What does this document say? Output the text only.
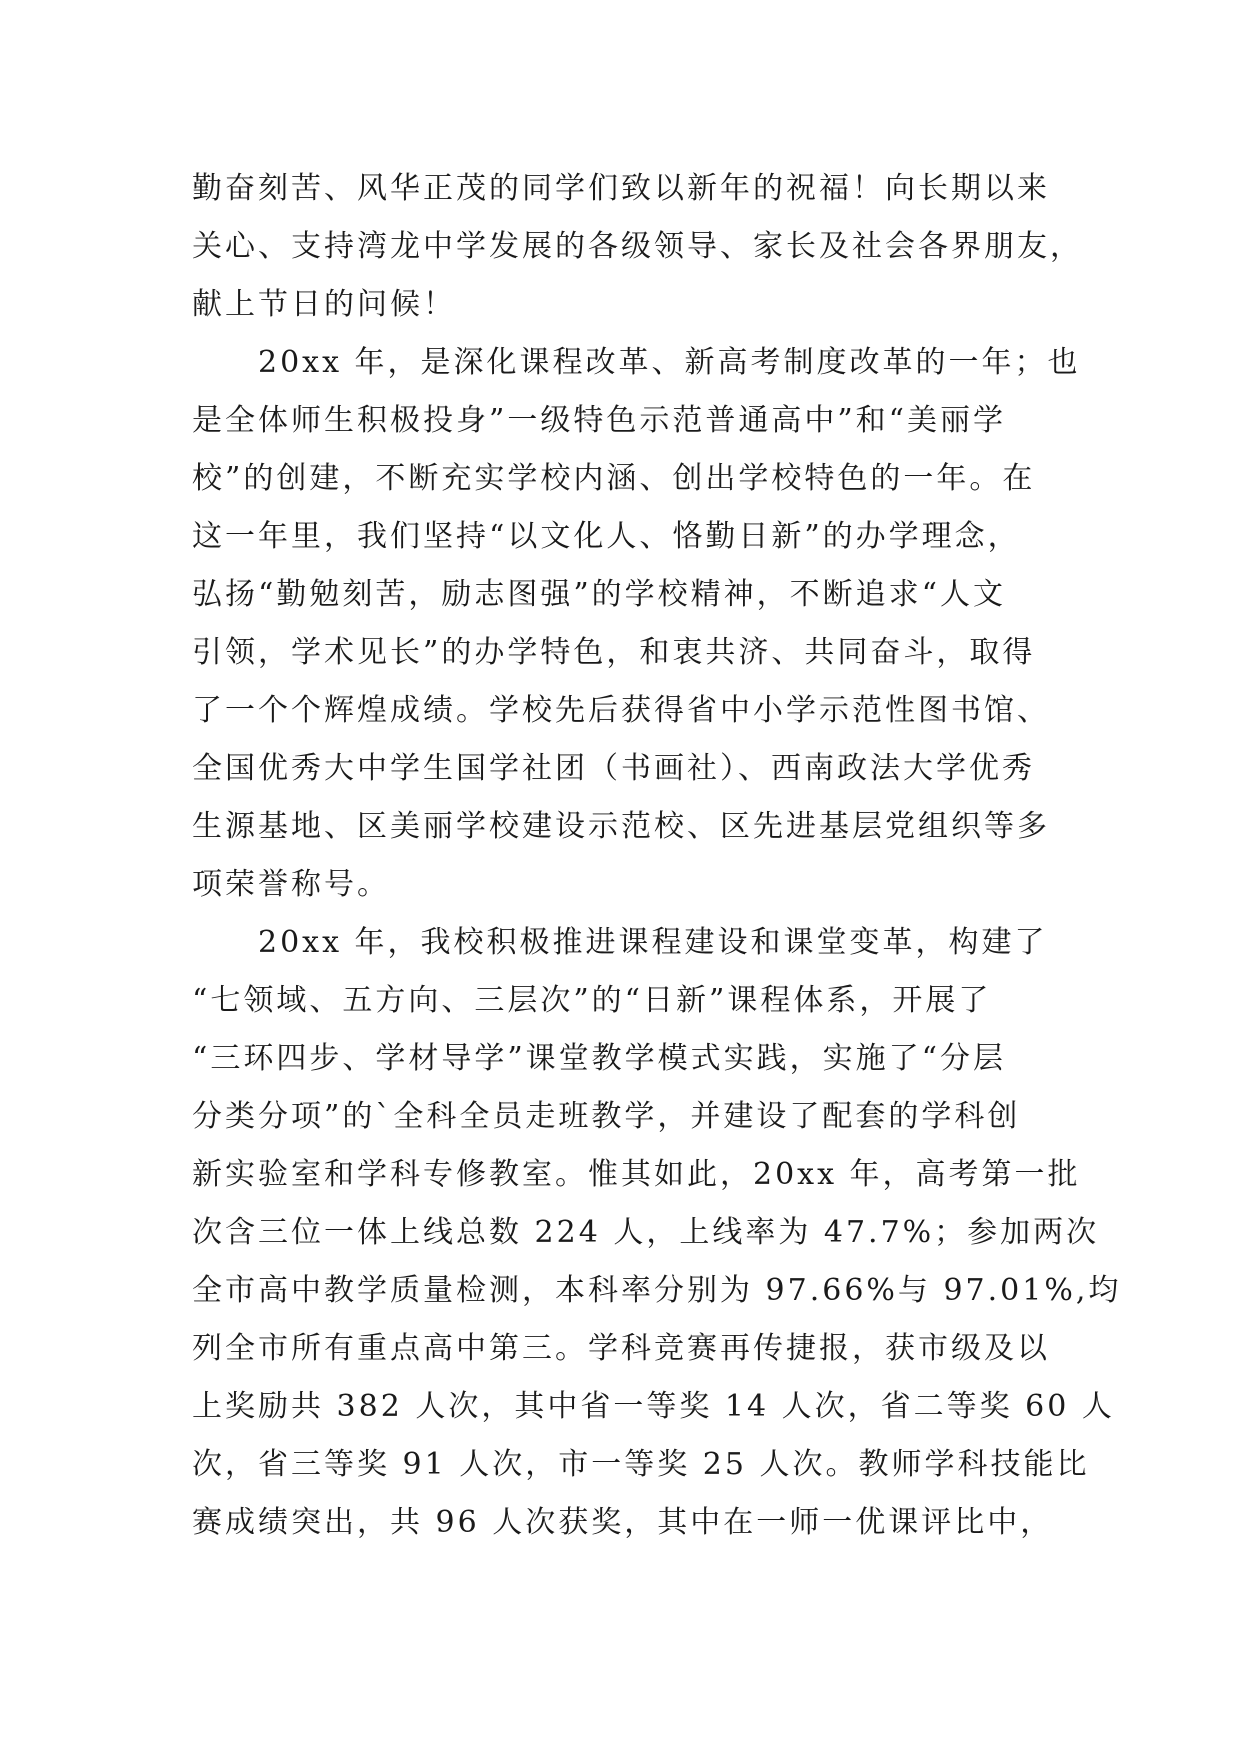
勤奋刻苦、风华正茂的同学们致以新年的祝福！向长期以来
关心、支持湾龙中学发展的各级领导、家长及社会各界朋友，
献上节日的问候！
　　20xx 年，是深化课程改革、新高考制度改革的一年；也
是全体师生积极投身”一级特色示范普通高中”和“美丽学
校”的创建，不断充实学校内涵、创出学校特色的一年。在
这一年里，我们坚持“以文化人、恪勤日新”的办学理念，
弘扬“勤勉刻苦，励志图强”的学校精神，不断追求“人文
引领，学术见长”的办学特色，和衷共济、共同奋斗，取得
了一个个辉煌成绩。学校先后获得省中小学示范性图书馆、
全国优秀大中学生国学社团（书画社）、西南政法大学优秀
生源基地、区美丽学校建设示范校、区先进基层党组织等多
项荣誉称号。
　　20xx 年，我校积极推进课程建设和课堂变革，构建了
“七领域、五方向、三层次”的“日新”课程体系，开展了
“三环四步、学材导学”课堂教学模式实践，实施了“分层
分类分项”的`全科全员走班教学，并建设了配套的学科创
新实验室和学科专修教室。惟其如此，20xx 年，高考第一批
次含三位一体上线总数 224 人，上线率为 47.7%；参加两次
全市高中教学质量检测，本科率分别为 97.66%与 97.01%,均
列全市所有重点高中第三。学科竞赛再传捷报，获市级及以
上奖励共 382 人次，其中省一等奖 14 人次，省二等奖 60 人
次，省三等奖 91 人次，市一等奖 25 人次。教师学科技能比
赛成绩突出，共 96 人次获奖，其中在一师一优课评比中，
